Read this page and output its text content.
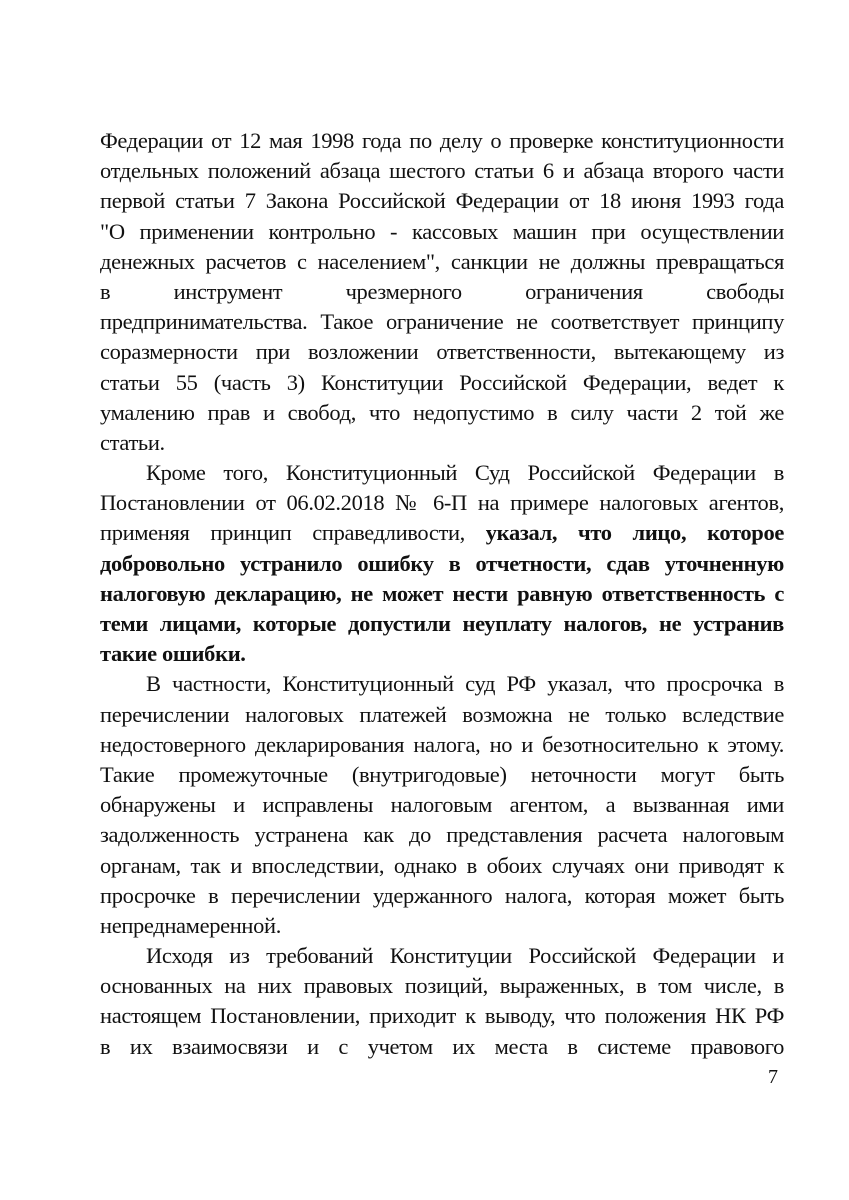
Федерации от 12 мая 1998 года по делу о проверке конституционности
отдельных положений абзаца шестого статьи 6 и абзаца второго части
первой статьи 7 Закона Российской Федерации от 18 июня 1993 года
"О применении контрольно - кассовых машин при осуществлении
денежных расчетов с населением", санкции не должны превращаться
в инструмент чрезмерного ограничения свободы
предпринимательства. Такое ограничение не соответствует принципу
соразмерности при возложении ответственности, вытекающему из
статьи 55 (часть 3) Конституции Российской Федерации, ведет к
умалению прав и свобод, что недопустимо в силу части 2 той же
статьи.
Кроме того, Конституционный Суд Российской Федерации в
Постановлении от 06.02.2018 № 6-П на примере налоговых агентов,
применяя принцип справедливости, указал, что лицо, которое
добровольно устранило ошибку в отчетности, сдав уточненную
налоговую декларацию, не может нести равную ответственность с
теми лицами, которые допустили неуплату налогов, не устранив
такие ошибки.
В частности, Конституционный суд РФ указал, что просрочка в
перечислении налоговых платежей возможна не только вследствие
недостоверного декларирования налога, но и безотносительно к этому.
Такие промежуточные (внутригодовые) неточности могут быть
обнаружены и исправлены налоговым агентом, а вызванная ими
задолженность устранена как до представления расчета налоговым
органам, так и впоследствии, однако в обоих случаях они приводят к
просрочке в перечислении удержанного налога, которая может быть
непреднамеренной.
Исходя из требований Конституции Российской Федерации и
основанных на них правовых позиций, выраженных, в том числе, в
настоящем Постановлении, приходит к выводу, что положения НК РФ
в их взаимосвязи и с учетом их места в системе правового
7
